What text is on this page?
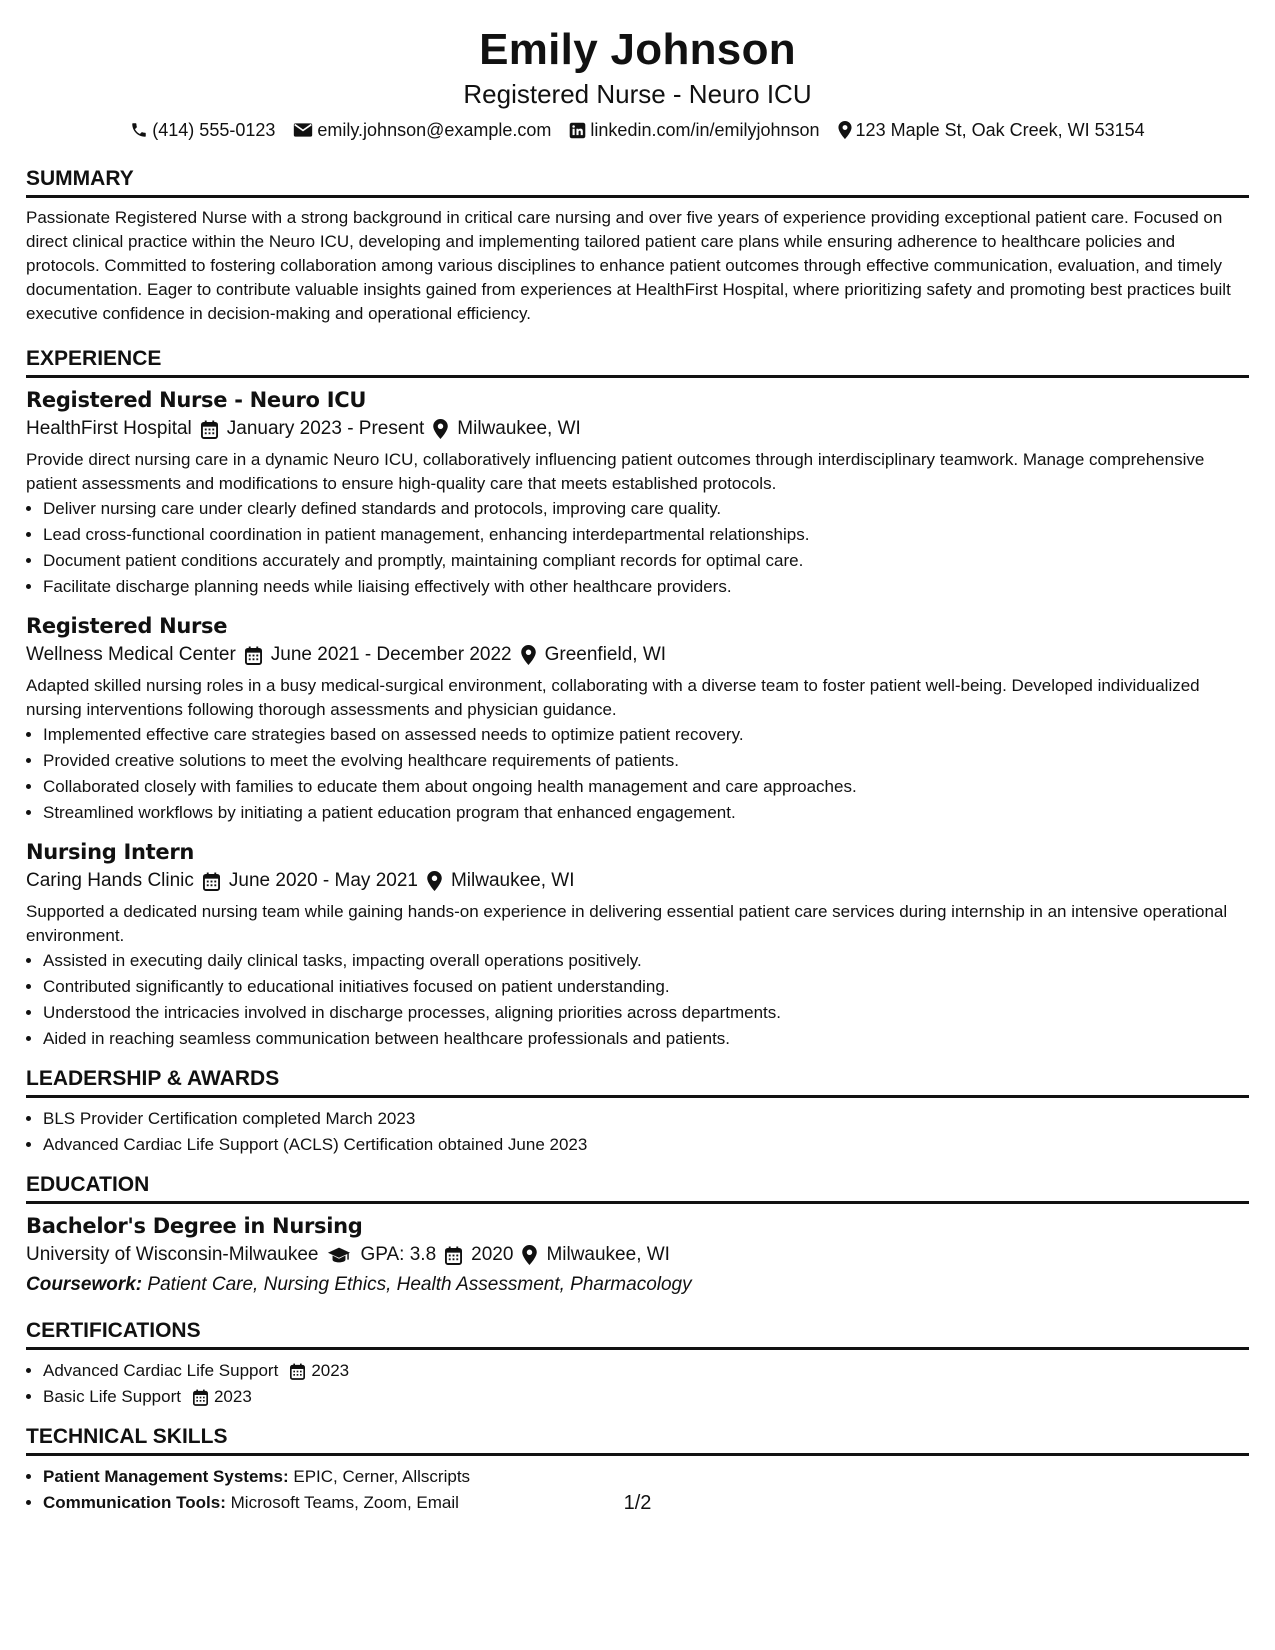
Emily Johnson
Registered Nurse - Neuro ICU
(414) 555-0123 emily.johnson@example.com linkedin.com/in/emilyjohnson 123 Maple St, Oak Creek, WI 53154
SUMMARY
Passionate Registered Nurse with a strong background in critical care nursing and over five years of experience providing exceptional patient care. Focused on direct clinical practice within the Neuro ICU, developing and implementing tailored patient care plans while ensuring adherence to healthcare policies and protocols. Committed to fostering collaboration among various disciplines to enhance patient outcomes through effective communication, evaluation, and timely documentation. Eager to contribute valuable insights gained from experiences at HealthFirst Hospital, where prioritizing safety and promoting best practices built executive confidence in decision-making and operational efficiency.
EXPERIENCE
Registered Nurse - Neuro ICU
HealthFirst Hospital January 2023 - Present Milwaukee, WI
Provide direct nursing care in a dynamic Neuro ICU, collaboratively influencing patient outcomes through interdisciplinary teamwork. Manage comprehensive patient assessments and modifications to ensure high-quality care that meets established protocols.
• Deliver nursing care under clearly defined standards and protocols, improving care quality.
• Lead cross-functional coordination in patient management, enhancing interdepartmental relationships.
• Document patient conditions accurately and promptly, maintaining compliant records for optimal care.
• Facilitate discharge planning needs while liaising effectively with other healthcare providers.
Registered Nurse
Wellness Medical Center June 2021 - December 2022 Greenfield, WI
Adapted skilled nursing roles in a busy medical-surgical environment, collaborating with a diverse team to foster patient well-being. Developed individualized nursing interventions following thorough assessments and physician guidance.
• Implemented effective care strategies based on assessed needs to optimize patient recovery.
• Provided creative solutions to meet the evolving healthcare requirements of patients.
• Collaborated closely with families to educate them about ongoing health management and care approaches.
• Streamlined workflows by initiating a patient education program that enhanced engagement.
Nursing Intern
Caring Hands Clinic June 2020 - May 2021 Milwaukee, WI
Supported a dedicated nursing team while gaining hands-on experience in delivering essential patient care services during internship in an intensive operational environment.
• Assisted in executing daily clinical tasks, impacting overall operations positively.
• Contributed significantly to educational initiatives focused on patient understanding.
• Understood the intricacies involved in discharge processes, aligning priorities across departments.
• Aided in reaching seamless communication between healthcare professionals and patients.
LEADERSHIP & AWARDS
• BLS Provider Certification completed March 2023
• Advanced Cardiac Life Support (ACLS) Certification obtained June 2023
EDUCATION
Bachelor's Degree in Nursing
University of Wisconsin-Milwaukee GPA: 3.8 2020 Milwaukee, WI
Coursework: Patient Care, Nursing Ethics, Health Assessment, Pharmacology
CERTIFICATIONS
• Advanced Cardiac Life Support 2023
• Basic Life Support 2023
TECHNICAL SKILLS
• Patient Management Systems: EPIC, Cerner, Allscripts
• Communication Tools: Microsoft Teams, Zoom, Email	1/2
